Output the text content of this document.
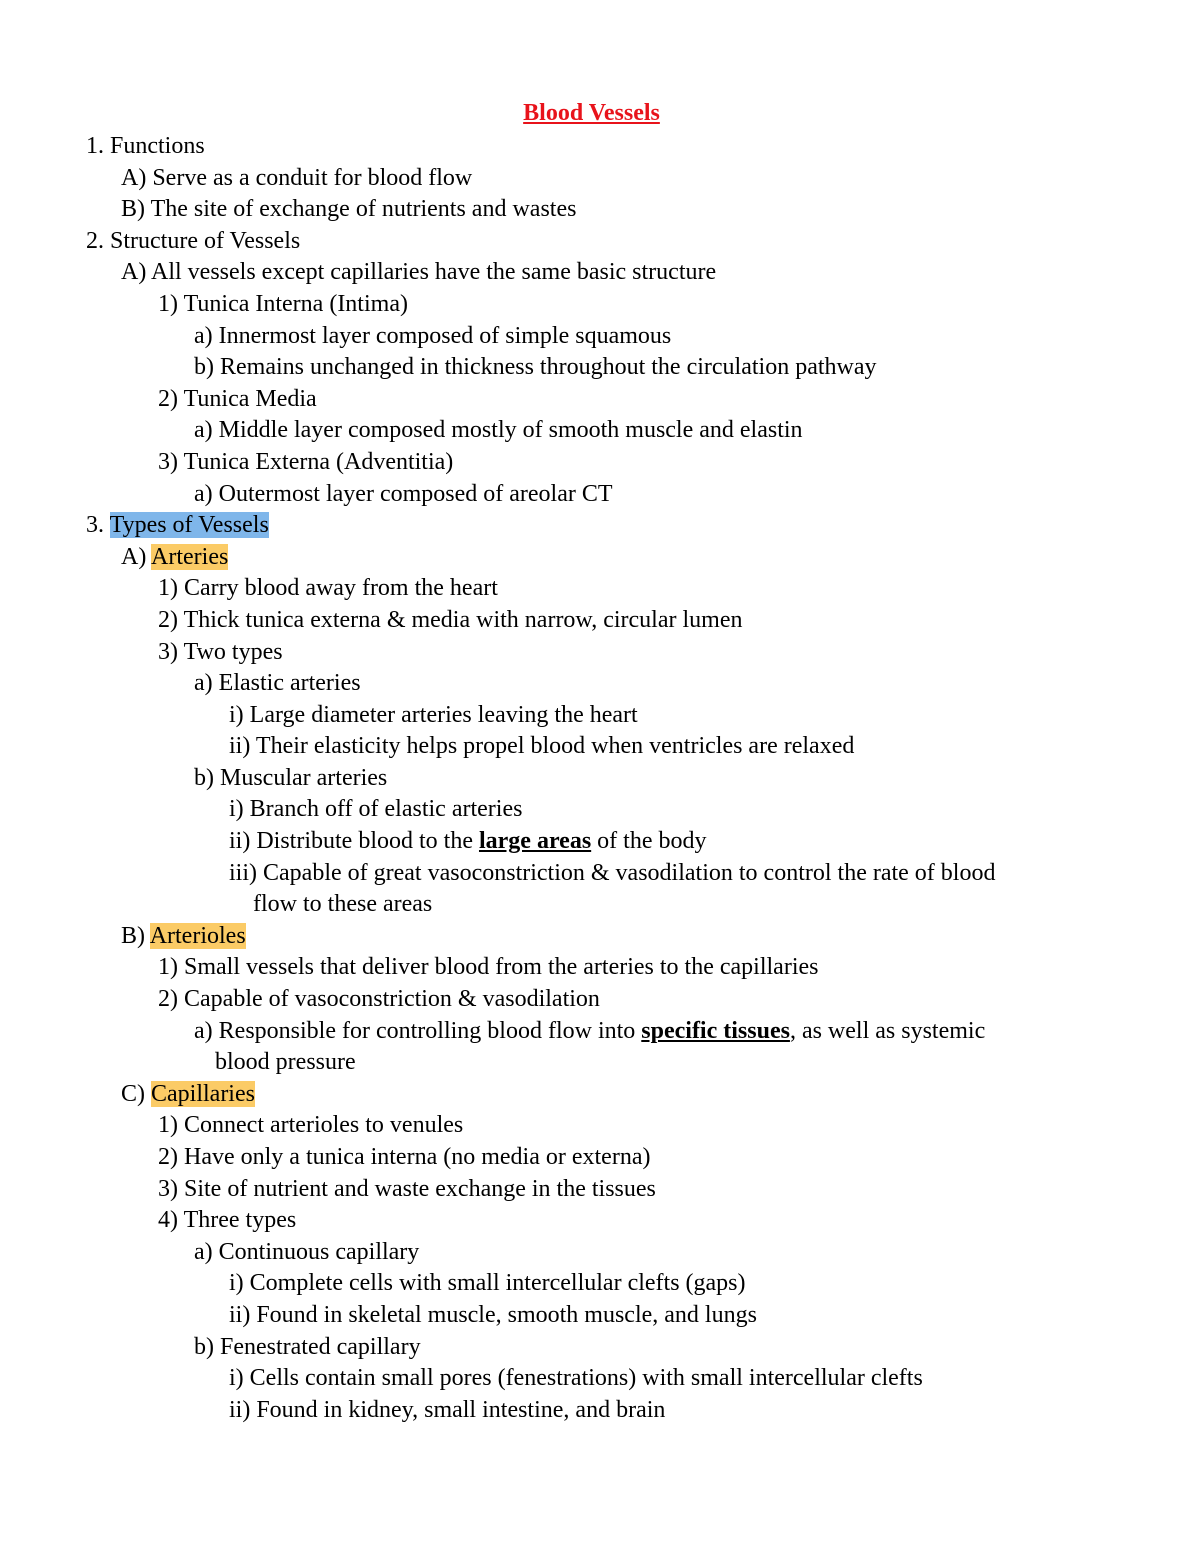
Blood Vessels
1. Functions
A) Serve as a conduit for blood flow
B) The site of exchange of nutrients and wastes
2. Structure of Vessels
A) All vessels except capillaries have the same basic structure
1) Tunica Interna (Intima)
a) Innermost layer composed of simple squamous
b) Remains unchanged in thickness throughout the circulation pathway
2) Tunica Media
a) Middle layer composed mostly of smooth muscle and elastin
3) Tunica Externa (Adventitia)
a) Outermost layer composed of areolar CT
3. Types of Vessels
A) Arteries
1) Carry blood away from the heart
2) Thick tunica externa & media with narrow, circular lumen
3) Two types
a) Elastic arteries
i) Large diameter arteries leaving the heart
ii) Their elasticity helps propel blood when ventricles are relaxed
b) Muscular arteries
i) Branch off of elastic arteries
ii) Distribute blood to the large areas of the body
iii) Capable of great vasoconstriction & vasodilation to control the rate of blood
flow to these areas
B) Arterioles
1) Small vessels that deliver blood from the arteries to the capillaries
2) Capable of vasoconstriction & vasodilation
a) Responsible for controlling blood flow into specific tissues, as well as systemic
blood pressure
C) Capillaries
1) Connect arterioles to venules
2) Have only a tunica interna (no media or externa)
3) Site of nutrient and waste exchange in the tissues
4) Three types
a) Continuous capillary
i) Complete cells with small intercellular clefts (gaps)
ii) Found in skeletal muscle, smooth muscle, and lungs
b) Fenestrated capillary
i) Cells contain small pores (fenestrations) with small intercellular clefts
ii) Found in kidney, small intestine, and brain
